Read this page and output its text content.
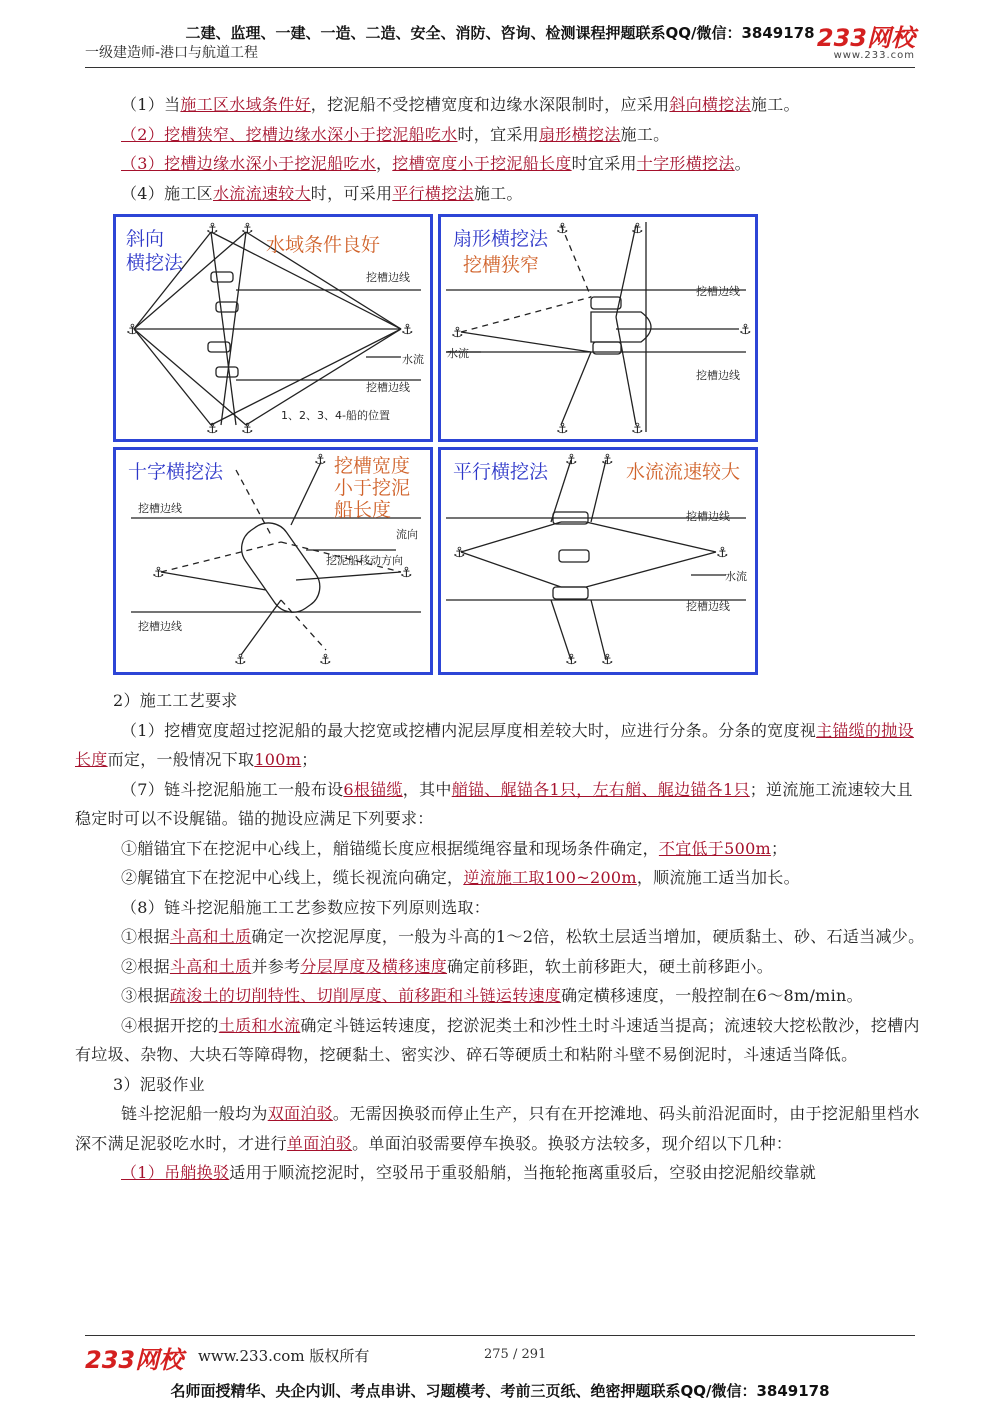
二建、监理、一建、一造、二造、安全、消防、咨询、检测课程押题联系QQ/微信：3849178
一级建造师-港口与航道工程
233网校
www.233.com

（1）当施工区水域条件好，挖泥船不受挖槽宽度和边缘水深限制时，应采用斜向横挖法施工。

（2）挖槽狭窄、挖槽边缘水深小于挖泥船吃水时，宜采用扇形横挖法施工。

（3）挖槽边缘水深小于挖泥船吃水，挖槽宽度小于挖泥船长度时宜采用十字形横挖法。

（4）施工区水流流速较大时，可采用平行横挖法施工。

⚓	⚓
⚓ ⚓
⚓ ⚓
斜向
横挖法
水域条件良好
挖槽边线
水流
挖槽边线
1、2、3、4-船的位置
⚓	⚓
⚓	⚓
⚓	⚓
扇形横挖法
挖槽狭窄
挖槽边线
水流
挖槽边线
⚓	⚓
⚓
⚓	⚓
十字横挖法	挖槽宽度
小于挖泥
船长度
挖槽边线
流向
挖泥船移动方向
挖槽边线
⚓	⚓
⚓ ⚓
⚓ ⚓
平行横挖法	水流流速较大
挖槽边线
水流
挖槽边线

2）施工工艺要求

（1）挖槽宽度超过挖泥船的最大挖宽或挖槽内泥层厚度相差较大时，应进行分条。分条的宽度视主锚缆的抛设长度而定，一般情况下取100m；

（7）链斗挖泥船施工一般布设6根锚缆，其中艏锚、艉锚各1只，左右艏、艉边锚各1只；逆流施工流速较大且稳定时可以不设艉锚。锚的抛设应满足下列要求：

①艏锚宜下在挖泥中心线上，艏锚缆长度应根据缆绳容量和现场条件确定，不宜低于500m；

②艉锚宜下在挖泥中心线上，缆长视流向确定，逆流施工取100~200m，顺流施工适当加长。

（8）链斗挖泥船施工工艺参数应按下列原则选取：

①根据斗高和土质确定一次挖泥厚度，一般为斗高的1～2倍，松软土层适当增加，硬质黏土、砂、石适当减少。

②根据斗高和土质并参考分层厚度及横移速度确定前移距，软土前移距大，硬土前移距小。

③根据疏浚土的切削特性、切削厚度、前移距和斗链运转速度确定横移速度，一般控制在6～8m/min。

④根据开挖的土质和水流确定斗链运转速度，挖淤泥类土和沙性土时斗速适当提高；流速较大挖松散沙，挖槽内有垃圾、杂物、大块石等障碍物，挖硬黏土、密实沙、碎石等硬质土和粘附斗壁不易倒泥时，斗速适当降低。

3）泥驳作业

链斗挖泥船一般均为双面泊驳。无需因换驳而停止生产，只有在开挖滩地、码头前沿泥面时，由于挖泥船里档水深不满足泥驳吃水时，才进行单面泊驳。单面泊驳需要停车换驳。换驳方法较多，现介绍以下几种：

（1）吊艄换驳适用于顺流挖泥时，空驳吊于重驳船艄，当拖轮拖离重驳后，空驳由挖泥船绞靠就

233网校 www.233.com 版权所有	275 / 291
名师面授精华、央企内训、考点串讲、习题模考、考前三页纸、绝密押题联系QQ/微信：3849178
